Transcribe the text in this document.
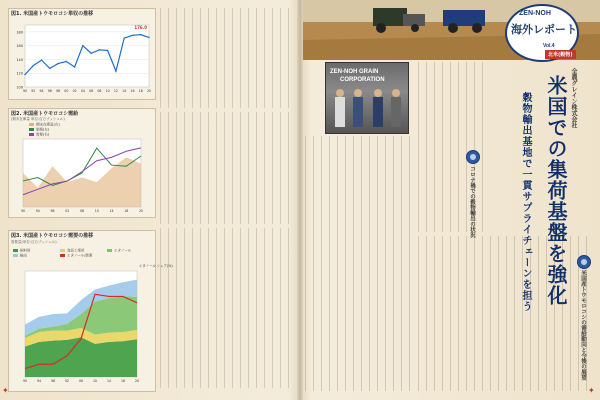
図1. 米国産トウモロコシ単収の推移
100
120
140
160
180
90 92 94 96 98 00 02 04 06 08 10 12 14 16 18 20
176.0
図2. 米国産トウモロコシ需給
(期末在庫量 単位:百万ブッシェル)
90	94	98	02	06	10	14	18	20
期末在庫量(右)
価格(左)
需要(右)
図3. 米国産トウモロコシ需要の推移
需要量(単位:百万ブッシェル)
90	94	98	02	06	10	14	18	20
飼料用	食品工業用	エタノール
輸出	エタノール/需要
エタノール シェア(%)
ZEN-NOH
海外レポート
Vol.4
北米(穀物)
ZEN-NOH GRAIN
CORPORATION	全農グレイン株式会社
米国での集荷基盤を強化
穀物輸出基地で一貫サプライチェーンを担う
コロナ禍での穀物輸出の状況
米国産トウモロコシの需給動向と今後の展望
✦	✦
